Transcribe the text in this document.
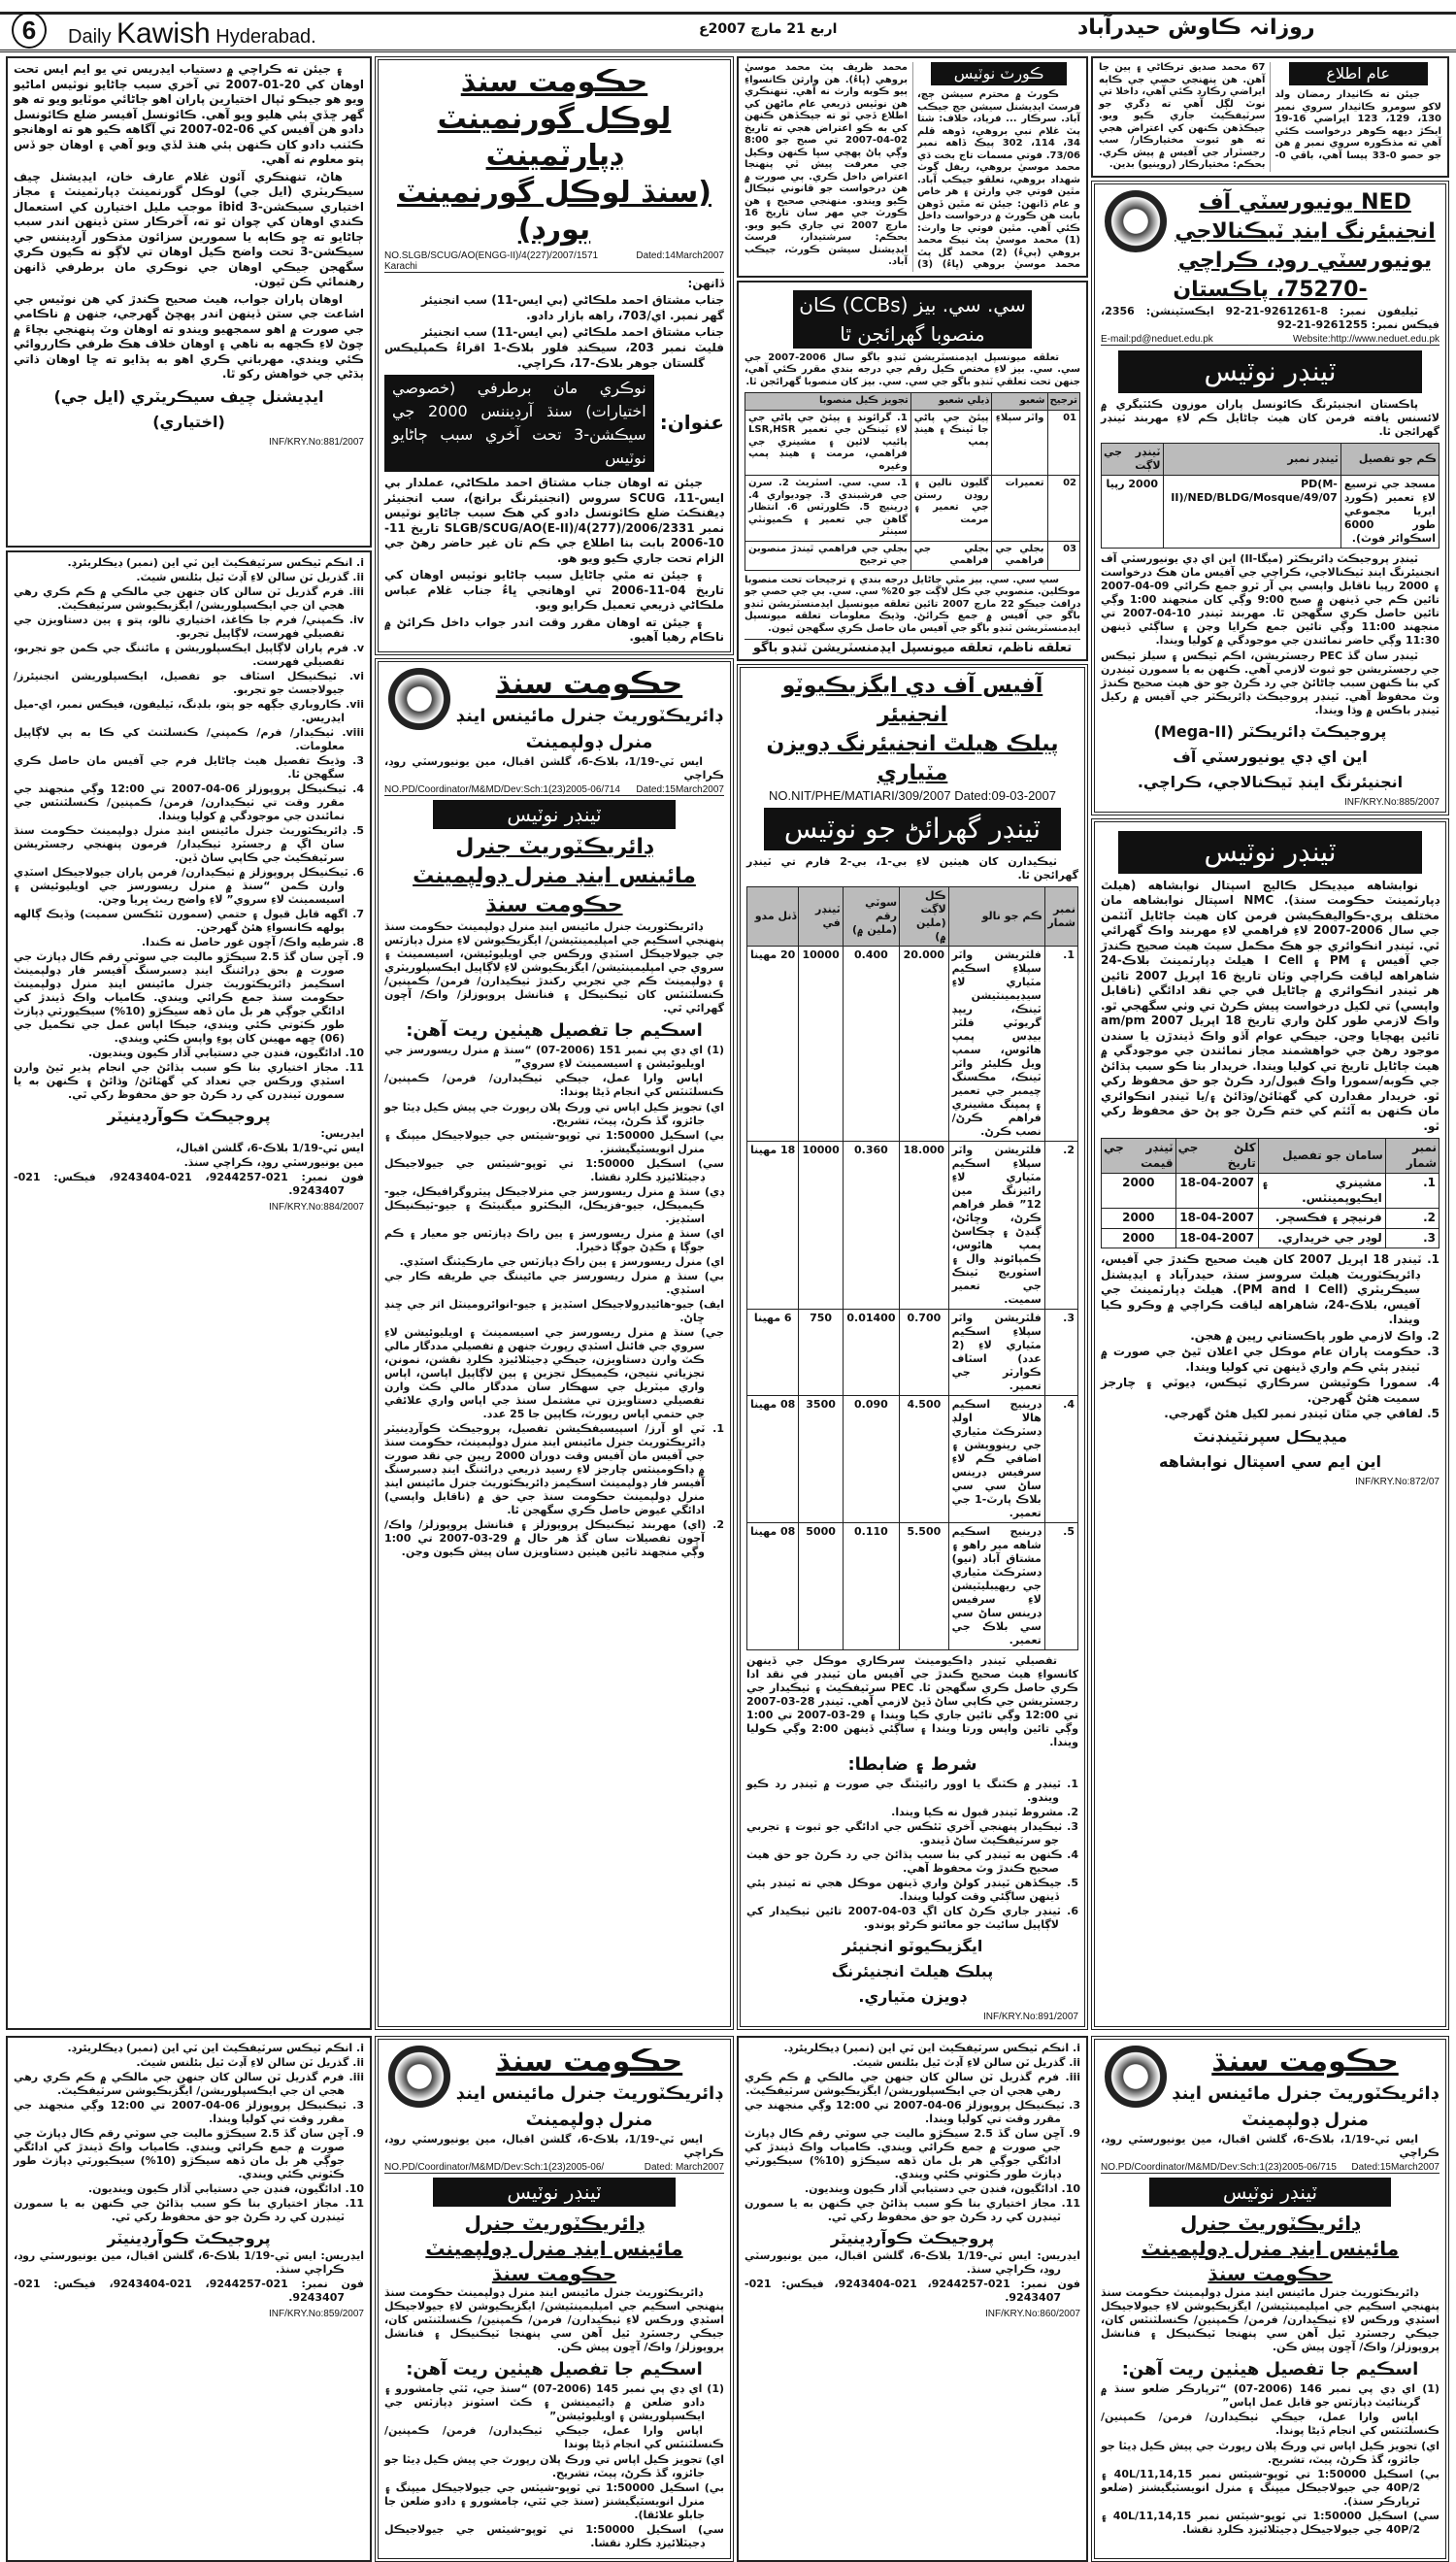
6	Daily Kawish Hyderabad.	اربع 21 مارچ 2007ع	روزانہ ڪاوش حيدرآباد
۽ جيئن ته ڪراچي ۾ دستياب ايڊريس تي يو ايم ايس تحت اوهان کي 20-01-2007 تي آخري سبب ڄاڻايو نوٽيس اماڻيو ويو هو جيڪو ٽپال اختيارين پاران اهو ڄاڻائي موٽايو ويو ته هو گهر ڇڏي ٻئي هليو ويو آهي. ڪائونسل آفيسر ضلع ڪائونسل دادو هن آفيس کي 06-02-2007 تي آگاهه ڪيو هو ته اوهانجو ڪٽنب دادو کان ڪنهن ٻئي هنڌ لڏي ويو آهي ۽ اوهان جو ڏس پتو معلوم نه آهي.
هاڻ، تنهنڪري آئون غلام عارف خان، ايڊيشنل چيف سيڪريٽري (ايل جي) لوڪل گورنمينٽ ڊپارٽمينٽ ۽ مجاز اختياري سيڪشن-3 ibid موجب مليل اختيارن کي استعمال ڪندي اوهان کي چوان ٿو ته، آخرڪار ستن ڏينهن اندر سبب ڄاڻايو ته ڇو ڪاٻه يا سمورين سزائون مذڪور آرڊيننس جي سيڪشن-3 تحت واضح ڪيل اوهان تي لاڳو نه ڪيون ڪري سگهجن جيڪي اوهان جي نوڪري مان برطرفي ڏانهن رهنمائي ڪن ٿيون.
اوهان پاران جواب، هيٺ صحيح ڪندڙ کي هن نوٽيس جي اشاعت جي ستن ڏينهن اندر پهچڻ گهرجي، جنهن ۾ ناڪامي جي صورت ۾ اهو سمجهيو ويندو ته اوهان وٽ پنهنجي بچاءَ ۾ چوڻ لاءِ ڪجهه به ناهي ۽ اوهان خلاف هڪ طرفي ڪارروائي ڪئي ويندي. مهرباني ڪري اهو به ٻڌايو ته ڇا اوهان ذاتي ٻڌڻي جي خواهش رکو ٿا.
ايڊيشنل چيف سيڪريٽري (ايل جي)
(اختياري)
INF/KRY.No:881/2007
i. انڪم ٽيڪس سرٽيفڪيٽ اين ٽي اين (نمبر) ڊيڪلريئرڊ.
ii. گذريل ٽن سالن لاءِ آڊٽ ٿيل بئلنس شيٽ.
iii. فرم گذريل ٽن سالن کان جنهن جي مالڪي ۾ ڪم ڪري رهي هجي ان جي ايڪسپلوريشن/ ايگزيڪيوشن سرٽيفڪيٽ.
iv. ڪمپني/ فرم جا ڪاغذ، اختياري نالو، پتو ۽ ٻين دستاويزن جي تفصيلي فهرست، لاڳاپيل تجربو.
v. فرم پاران لاڳاپيل ايڪسپلوريشن ۽ مائننگ جي ڪمن جو تجربو، تفصيلي فهرست.
vi. ٽيڪنيڪل اسٽاف جو تفصيل، ايڪسپلوريشن انجنيئرز/ جيولاجسٽ جو تجربو.
vii. ڪاروباري جڳهه جو پتو، بلڊنگ، ٽيليفون، فيڪس نمبر، اي-ميل ايڊريس.
viii. ٺيڪيدار/ فرم/ ڪمپني/ ڪنسلٽنٽ کي ڪا به ٻي لاڳاپيل معلومات.
3. وڌيڪ تفصيل هيٺ ڄاڻايل فرم جي آفيس مان حاصل ڪري سگهجن ٿا.
4. ٽيڪنيڪل پروپوزلز 06-04-2007 تي 12:00 وڳي منجهند جي مقرر وقت تي ٺيڪيدارن/ فرمن/ ڪمپنين/ ڪنسلٽنٽس جي نمائندن جي موجودگي ۾ کوليا ويندا.
5. ڊائريڪٽوريٽ جنرل مائينس اينڊ منرل ڊولپمينٽ حڪومت سنڌ سان اڳ ۾ رجسٽرڊ ٺيڪيدار/ فرمون پنهنجي رجسٽريشن سرٽيفڪيٽ جي ڪاپي ساڻ ڏين.
6. ٽيڪنيڪل پروپوزلز ۾ ٺيڪيدارن/ فرمن پاران جيولاجيڪل اسٽڊي وارن ڪمن “سنڌ ۾ منرل ريسورسز جي اويليوئيشن ۽ اسيسمينٽ لاءِ سروي” لاءِ واضح ريٽ ڀريا وڃن.
7. اگهه قابل قبول ۽ حتمي (سمورن ٽئڪسن سميت) وڏيڪ ڳالهه ٻولهه ڪانسواءِ هئڻ گهرجن.
8. شرطيه واڪ/ آڇون غور حاصل نه ڪندا.
9. آڇن سان گڏ 2.5 سيڪڙو ماليت جي سوٽي رقم ڪال ڊپازٽ جي صورت ۾ بحق ڊرائننگ اينڊ ڊسبرسنگ آفيسر فار ڊولپمينٽ اسڪيمز ڊائريڪٽوريٽ جنرل مائينس اينڊ منرل ڊولپمينٽ حڪومت سنڌ جمع ڪرائي ويندي. ڪامياب واڪ ڏيندڙ کي ادائگي جوڳي هر بل مان ڏهه سيڪڙو (10%) سيڪيورٽي ڊپازٽ طور ڪٽوتي ڪئي ويندي، جيڪا اپاس عمل جي تڪميل جي (06) ڇهه مهينن کان پوءِ واپس ڪئي ويندي.
10. ادائگيون، فنڊن جي دستيابي آڌار ڪيون وينديون.
11. مجاز اختياري بنا ڪو سبب ٻڌائڻ جي انجام پذير ٿيڻ وارن اسٽڊي ورڪس جي تعداد کي گهٽائڻ/ وڌائڻ ۽ ڪنهن به يا سمورن ٽينڊرن کي رد ڪرڻ جو حق محفوظ رکي ٿي.
پروجيڪٽ ڪوآرڊينيٽر
ايڊريس:
ايس ٽي-1/19 بلاڪ-6، گلشن اقبال،
مين يونيورسٽي روڊ، ڪراچي سنڌ.
فون نمبر: 021-9244257، 021-9243404، فيڪس: 021-9243407.
INF/KRY.No:884/2007
حڪومت سنڌ
لوڪل گورنمينٽ ڊپارٽمينٽ
(سنڌ لوڪل گورنمينٽ بورڊ)
NO.SLGB/SCUG/AO(ENGG-II)/4(227)/2007/1571 Karachi
Dated:14March2007
ڏانهن:
جناب مشتاق احمد ملڪاڻي (بي ايس-11) سب انجنيئر
گهر نمبر. اي/703، راهه بازار دادو.
جناب مشتاق احمد ملڪاڻي (بي ايس-11) سب انجنيئر
فليٽ نمبر 203، سيڪنڊ فلور بلاڪ-1 اقراءُ ڪمپليڪس گلستان جوهر بلاڪ-17، ڪراچي.
عنوان:
نوڪري مان برطرفي (خصوصي اختيارات) سنڌ آرڊيننس 2000 جي سيڪشن-3 تحت آخري سبب ڄاڻايو نوٽيس
جيئن ته اوهان جناب مشتاق احمد ملڪاڻي، عملدار بي ايس-11، SCUG سروس (انجنيئرنگ برانچ)، سب انجنيئر ڊيفنڪٽ ضلع ڪائونسل دادو کي هڪ سبب ڄاڻايو نوٽيس نمبر SLGB/SCUG/AO(E-II)/4(277)/2006/2331 تاريخ 11-10-2006 بابت بنا اطلاع جي ڪم تان غير حاضر رهڻ جي الزام تحت جاري ڪيو ويو هو.
۽ جيئن ته مٿي ڄاڻايل سبب ڄاڻايو نوٽيس اوهان کي تاريخ 04-11-2006 تي اوهانجي ڀاءُ جناب غلام عباس ملڪاڻي ذريعي تعميل ڪرايو ويو.
۽ جيئن ته اوهان مقرر وقت اندر جواب داخل ڪرائڻ ۾ ناڪام رهيا آهيو.
حڪومت سنڌ
ڊائريڪٽوريٽ جنرل مائينس اينڊ منرل ڊولپمينٽ
ايس ٽي-1/19، بلاڪ-6، گلشن اقبال، مين يونيورسٽي روڊ، ڪراچي
NO.PD/Coordinator/M&MD/Dev:Sch:1(23)2005-06/714 Dated:15March2007
ٽينڊر نوٽيس
ڊائريڪٽوريٽ جنرل
مائينس اينڊ منرل ڊولپمينٽ
حڪومت سنڌ
ڊائريڪٽوريٽ جنرل مائينس اينڊ منرل ڊولپمينٽ حڪومت سنڌ پنهنجي اسڪيم جي امپليمينٽيشن/ ايگزيڪيوشن لاءِ منرل ڊپازٽس جي جيولاجيڪل اسٽڊي ورڪس جي اويليوئيشن، اسيسمينٽ ۽ سروي جي امپليمينٽيشن/ ايگزيڪيوشن لاءِ لاڳاپيل ايڪسپلوريٽري ۽ ڊولپمينٽ ڪم جي تجربي رکندڙ ٺيڪيدارن/ فرمن/ ڪمپنين/ ڪنسلٽنٽس کان ٽيڪنيڪل ۽ فنانشل پروپوزلز/ واڪ/ آڇون گهرائي ٿي.
اسڪيم جا تفصيل هيٺين ريت آهن:
(1) اي ڊي پي نمبر 151 (2006-07) “سنڌ ۾ منرل ريسورسز جي اويليوئيشن ۽ اسيسمينٽ لاءِ سروي”
اپاس وارا عمل، جيڪي ٺيڪيدارن/ فرمن/ ڪمپنين/ ڪنسلٽنٽس کي انجام ڏيڻا پوندا:
اي) تجويز ڪيل اپاس تي ورڪ پلان رپورٽ جي پيش ڪيل ڊيٽا جو جائزو، گڏ ڪرڻ، پيٽ، تشريح.
بي) اسڪيل 1:50000 تي ٽوپو-شيٽس جي جيولاجيڪل ميپنگ ۽ منرل انويسٽيگيشنز.
سي) اسڪيل 1:50000 تي ٽوپو-شيٽس جي جيولاجيڪل ڊجيٽلائيزڊ ڪلرڊ نقشا.
ڊي) سنڌ ۾ منرل ريسورسز جي منرلاجيڪل پيٽروگرافيڪل، جيو-ڪيميڪل، جيو-فزيڪل، اليڪٽرو ميگنيٽڪ ۽ جيو-ٽيڪنيڪل اسٽڊيز.
اي) سنڌ ۾ منرل ريسورسز ۽ ٻين راڪ ڊپازٽس جو معيار ۽ ڪم جوڳا ۽ ڪڍڻ جوڳا ذخيرا.
اي) منرل ريسورسز ۽ ٻين راڪ ڊپازٽس جي مارڪيٽنگ اسٽڊي.
بي) سنڌ ۾ منرل ريسورسز جي مائيننگ جي طريقه ڪار جي اسٽڊي.
ايف) جيو-هائيڊرولاجيڪل اسٽڊيز ۽ جيو-انوائرومينٽل اثر جي ڇنڊ ڇاڻ.
جي) سنڌ ۾ منرل ريسورسز جي اسيسمينٽ ۽ اويليوئيشن لاءِ سروي جي فائنل اسٽڊي رپورٽ جنهن ۾ تفصيلي مددگار مالي ڪٽ وارن دستاويزن، جيڪي ڊجيٽلائيزڊ ڪلرڊ نقشن، نمونن، تجزياتي نتيجن، ڪيميڪل تجزين ۽ ٻين لاڳاپيل اپاسن، اپاس واري ميٽريل جي سهڪار سان مددگار مالي ڪٽ وارن تفصيلي دستاويزن تي مشتمل سنڌ جي اپاس واري علائقي جي حتمي اپاس رپورٽ، ڪاپين جا 25 عدد.
1. ٽي او آرز/ اسپيسيفڪيشن تفصيل، پروجيڪٽ ڪوآرڊينيٽر ڊائريڪٽوريٽ جنرل مائينس اينڊ منرل ڊولپمينٽ، حڪومت سنڌ جي آفيس مان آفيس وقت دوران 2000 رپين جي نقد صورت ۾ ڊاڪومينٽس چارجز لاءِ رسيد ذريعي ڊرائننگ اينڊ ڊسبرسنگ آفيسر فار ڊولپمينٽ اسڪيمز ڊائريڪٽوريٽ جنرل مائينس اينڊ منرل ڊولپمينٽ حڪومت سنڌ جي حق ۾ (ناقابل واپسي) ادائگي عيوض حاصل ڪري سگهجن ٿا.
2. (اي) مهربند ٽيڪنيڪل پروپوزلز ۽ فنانشل پروپوزلز/ واڪ/ آڇون تفصيلات سان گڏ هر حال ۾ 29-03-2007 تي 1:00 وڳي منجهند تائين هيٺين دستاويزن سان پيش ڪيون وڃن.
ڪورٽ نوٽيس
ڪورٽ ۾ محترم سيشن ڄڄ، فرسٽ ايڊيشنل سيشن جج جيڪب آباد. سرڪار ... فرياد، خلاف: شتا پٽ غلام نبي بروهي، ڏوهه قلم 34، 114، 302 پيڪ ڏاهه نمبر 73/06. فوتي مسمات تاج بخت ڌي محمد موسيٰ بروهي، ريفل ڳوٺ شهداد بروهي، تعلقو جيڪب آباد. مٿين فوتي جي وارثن ۽ هر خاص و عام ڏانهن: جيئن ته مٿين ڏوهن بابت هن ڪورٽ ۾ درخواست داخل ڪئي آهي. مٿين فوتي جا وارث: (1) محمد موسيٰ پٽ نيڪ محمد بروهي (پيءُ) (2) محمد گل پٽ محمد موسيٰ بروهي (ڀاءُ) (3) محمد ظريف پٽ محمد موسيٰ بروهي (ڀاءُ). هن وارثن ڪانسواءِ ٻيو ڪوبه وارث نه آهي. تنهنڪري هن نوٽيس ذريعي عام ماڻهن کي اطلاع ڏجي ٿو ته جيڪڏهن ڪنهن کي به ڪو اعتراض هجي ته تاريخ 02-04-2007 تي صبح جو 8:00 وڳي پاڻ پهچي سڀا ڪنهن وڪيل جي معرفت پيش ٿي پنهنجا اعتراض داخل ڪري. ٻي صورت ۾ هن درخواست جو قانوني نيڪال ڪيو ويندو. منهنجي صحيح ۽ هن ڪورٽ جي مهر سان تاريخ 16 مارچ 2007 تي جاري ڪيو ويو. بحڪم: سرشتيدار، فرسٽ ايڊيشنل سيشن ڪورٽ، جيڪب آباد.
سي. سي. بيز (CCBs) ڪان منصوبا گهرائجن ٿا
تعلقه ميونسپل ايڊمنسٽريشن ٽنڊو باگو سال 2006-2007 جي سي. سي. بيز لاءِ مختص ڪيل رقم جي درجه بندي مقرر ڪئي آهي، جنهن تحت تعلقي ٽنڊو باگو جي سي. سي. بيز کان منصوبا گهرائجن ٿا.
ترجيح	شعبو	ذيلي شعبو	تجويز ڪيل منصوبا
01	واٽر سپلاءِ	پيئڻ جي پاڻي جا ٽينڪ ۽ هينڊ پمپ	1. گرائونڊ ۽ پيئڻ جي پاڻي جي لاءِ ٽينڪن جي تعمير LSR,HSR پائيپ لائين ۽ مشينري جي فراهمي، مرمت ۽ هينڊ پمپ وغيره
02	تعميرات	گليون نالين ۽ روڊن رستن جي تعمير ۽ مرمت	1. سي. سي. اسٽريٽ 2. سرن جي فرشبندي 3. چوديواري 4. ڊرينيج 5. ڪلورٽس 6. انتظار گاهن جي تعمير ۽ ڪميونٽي سينٽر
03	بجلي جي فراهمي	بجلي جي فراهمي	بجلي جي فراهمي ٿيندڙ منصوبن جي ترجيح
سڀ سي. سي. بيز مٿي ڄاڻايل درجه بندي ۽ ترجيحات تحت منصوبا موڪلين. منصوبي جي ڪل لاڳت جو 20% سي. سي. بي جي حصي جو ڊرافٽ جيڪو 22 مارچ 2007 تائين تعلقه ميونسپل ايڊمنسٽريشن ٽنڊو باگو جي آفيس ۾ جمع ڪرائڻ. وڌيڪ معلومات تعلقه ميونسپل ايڊمنسٽريشن ٽنڊو باگو جي آفيس مان حاصل ڪري سگهجن ٿيون.
تعلقه ناظم، تعلقه ميونسپل ايڊمنسٽريشن ٽنڊو باگو
آفيس آف دي ايگزيڪيوٽو انجنيئر
پبلڪ هيلٿ انجنيئرنگ ڊويزن مٽياري
NO.NIT/PHE/MATIARI/309/2007 Dated:09-03-2007
ٽينڊر گهرائڻ جو نوٽيس
ٺيڪيدارن کان هيٺين لاءِ بي-1، بي-2 فارم تي ٽينڊر گهرائجن ٿا.
نمبر شمار	ڪم جو نالو	ڪل لاڳت (ملين ۾)	سوٽي رقم (ملين ۾)	ٽينڊر في	ڏنل مدو
1.	فلٽريشن واٽر سپلاءِ اسڪيم مٽياري لاءِ سيڊيمينٽيشن ٽينڪ، ريپڊ گريوٽي فلٽر بيڊس پمپ هائوس، سمپ ويل ڪليئر واٽر ٽينڪ، مڪسنگ چيمبر جي تعمير ۽ پمپنگ مشينري فراهم ڪرڻ/ نصب ڪرڻ.	20.000	0.400	10000	20 مهينا
2.	فلٽريشن واٽر سپلاءِ اسڪيم مٽياري لاءِ رائيزنگ مين 12” قطر فراهم ڪرڻ، وڇائڻ، ڳنڍڻ ۽ چڪاسڻ پمپ هائوس، ڪمپائونڊ وال ۽ اسٽوريج ٽينڪ جي تعمير سميت.	18.000	0.360	10000	18 مهينا
3.	فلٽريشن واٽر سپلاءِ اسڪيم مٽياري لاءِ (2 عدد) اسٽاف ڪوارٽر جي تعمير.	0.700	0.01400	750	6 مهينا
4.	ڊرينيج اسڪيم هالا اولڊ ڊسٽرڪٽ مٽياري جي رينوويشن ۽ اضافي ڪم لاءِ سرفيس ڊرينس ساڻ سي سي بلاڪ پارٽ-1 جي تعمير.	4.500	0.090	3500	08 مهينا
5.	ڊرينيج اسڪيم شاهه مير راهو ۽ مشتاق آباد (نيو) ڊسٽرڪٽ مٽياري جي ريهيبليٽيشن لاءِ سرفيس ڊرينس ساڻ سي سي بلاڪ جي تعمير.	5.500	0.110	5000	08 مهينا
تفصيلي ٽينڊر ڊاڪيومينٽ سرڪاري موڪل جي ڏينهن کانسواءِ هيٺ صحيح ڪندڙ جي آفيس مان ٽينڊر في نقد ادا ڪري حاصل ڪري سگهجن ٿا. PEC سرٽيفڪيٽ ۽ ٺيڪيدار جي رجسٽريشن جي ڪاپي ساڻ ڏيڻ لازمي آهي. ٽينڊر 28-03-2007 تي 12:00 وڳي تائين جاري ڪيا ويندا ۽ 29-03-2007 تي 1:00 وڳي تائين واپس ورتا ويندا ۽ ساڳئي ڏينهن 2:00 وڳي ڪوليا ويندا.
شرط ۽ ضابطا:
1. ٽينڊر ۾ ڪٽنگ يا اوور رائيٽنگ جي صورت ۾ ٽينڊر رد ڪيو ويندو.
2. مشروط ٽينڊر قبول نه ڪيا ويندا.
3. ٺيڪيدار پنهنجي آخري ٽئڪس جي ادائگي جو ثبوت ۽ تجربي جو سرٽيفڪيٽ ساڻ ڏيندو.
4. ڪنهن به ٽينڊر کي بنا سبب ٻڌائڻ جي رد ڪرڻ جو حق هيٺ صحيح ڪندڙ وٽ محفوظ آهي.
5. جيڪڏهن ٽينڊر کولڻ واري ڏينهن موڪل هجي ته ٽينڊر ٻئي ڏينهن ساڳئي وقت کوليا ويندا.
6. ٽينڊر جاري ڪرڻ کان اڳ 03-04-2007 تائين ٺيڪيدار کي لاڳاپيل سائيٽ جو معائنو ڪرڻو پوندو.
ايگزيڪيوٽو انجنيئر
پبلڪ هيلٿ انجنيئرنگ
ڊويزن مٽياري.
INF/KRY.No:891/2007
عام اطلاع
جيئن ته ڪاٺيدار رمضان ولد لاکو سومرو ڪاٺيدار سروي نمبر 130، 129، 123 ايراضي 16-19 ايڪڙ ديهه ڪوهر درخواست ڪئي آهي ته مذڪوره سروي نمبر ۾ هن جو حصو 0-33 پيسا آهي، باقي 0-67 محمد صديق ترڪاڻي ۽ ٻين جا آهن. هن پنهنجي حصي جي ڪاٻه ايراضي رڪارڊ ڪئي آهي، داخلا تي نوٽ لڳل آهي ته ڊگري جو سرٽيفڪيٽ جاري ڪيو ويو. جيڪڏهن ڪنهن کي اعتراض هجي ته هو ثبوت مختيارڪار/ سب رجسٽرار جي آفيس ۾ پيش ڪري. بحڪم: مختيارڪار (روينيو) بدين.
NED يونيورسٽي آف انجنيئرنگ اينڊ ٽيڪنالاجي
يونيورسٽي روڊ، ڪراچي -75270، پاڪستان
ٽيليفون نمبر: 8-9261261-21-92 ايڪسٽينشن: 2356، فيڪس نمبر: 9261255-21-92
E-mail:pd@neduet.edu.pk	Website:http://www.neduet.edu.pk
ٽينڊر نوٽيس
پاڪستان انجنيئرنگ ڪائونسل پاران موزون ڪئٽيگري ۾ لائسنس يافته فرمن کان هيٺ ڄاڻايل ڪم لاءِ مهربند ٽينڊر گهرائجن ٿا.
ڪم جو تفصيل	ٽينڊر نمبر	ٽينڊر جي لاڳت
مسجد جي ترسيع لاءِ تعمير (ڪورڊ ايريا مجموعي طور 6000 اسڪوائر فوٽ).	PD(M-II)/NED/BLDG/Mosque/49/07	2000 رپيا
ٽينڊر پروجيڪٽ ڊائريڪٽر (ميگا-II) اين اي ڊي يونيورسٽي آف انجنيئرنگ اينڊ ٽيڪنالاجي، ڪراچي جي آفيس مان هڪ درخواست ۽ 2000 رپيا ناقابل واپسي پي آر ٿرو جمع ڪرائي 09-04-2007 تائين ڪم جي ڏينهن ۾ صبح 9:00 وڳي کان منجهند 1:00 وڳي تائين حاصل ڪري سگهجن ٿا. مهربند ٽينڊر 10-04-2007 تي منجهند 11:00 وڳي تائين جمع ڪرايا وڃن ۽ ساڳئي ڏينهن 11:30 وڳي حاضر نمائندن جي موجودگي ۾ کوليا ويندا.
ٽينڊر سان گڏ PEC رجسٽريشن، اڪم ٽيڪس ۽ سيلز ٽيڪس جي رجسٽريشن جو ثبوت لازمي آهي. ڪنهن به يا سمورن ٽينڊرن کي بنا ڪنهن سبب ڄاڻائڻ جي رد ڪرڻ جو حق هيٺ صحيح ڪندڙ وٽ محفوظ آهي. ٽينڊر پروجيڪٽ ڊائريڪٽر جي آفيس ۾ رکيل ٽينڊر باڪس ۾ وڌا ويندا.
پروجيڪٽ ڊائريڪٽر (Mega-II)
اين اي ڊي يونيورسٽي آف
انجنيئرنگ اينڊ ٽيڪنالاجي، ڪراچي.
INF/KRY.No:885/2007
ٽينڊر نوٽيس
نوابشاهه ميڊيڪل ڪاليج اسپتال نوابشاهه (هيلٿ ڊپارٽمينٽ حڪومت سنڌ). NMC اسپتال نوابشاهه مان مختلف پري-ڪواليفڪيشن فرمن کان هيٺ ڄاڻايل آئٽمن جي سال 2006-2007 لاءِ فراهمي لاءِ مهربند واڪ گهرائي ٿي. ٽينڊر انڪوائري جو هڪ مڪمل سيٽ هيٺ صحيح ڪندڙ جي آفيس ۽ PM ۽ I Cell هيلٿ ڊپارٽمينٽ بلاڪ-24 شاهراهه لياقت ڪراچي وٽان تاريخ 16 اپريل 2007 تائين هر ٽينڊر انڪوائري ۾ ڄاڻايل في جي نقد ادائگي (ناقابل واپسي) تي لکيل درخواست پيش ڪرڻ تي وٺي سگهجي ٿو. واڪ لازمي طور کلڻ واري تاريخ 18 اپريل 2007 am/pm تائين پهچايا وڃن. جيڪي عوام آڏو واڪ ڏيندڙن يا سندن موجود رهڻ جي خواهشمند مجاز نمائندن جي موجودگي ۾ هيٺ ڄاڻايل تاريخ تي کوليا ويندا. خريدار بنا ڪو سبب ٻڌائڻ جي ڪوبه/سمورا واڪ قبول/رد ڪرڻ جو حق محفوظ رکي ٿو. خريدار مقدارن کي گهٽائڻ/وڌائڻ ۽/يا ٽينڊر انڪوائري مان ڪنهن به آئٽم کي ختم ڪرڻ جو پڻ حق محفوظ رکي ٿو.
نمبر شمار	سامان جو تفصيل	کلڻ جي تاريخ	ٽينڊر جي قيمت
1.	مشينري ۽ ايڪيوپمينٽس.	18-04-2007	2000
2.	فرنيچر ۽ فڪسچر.	18-04-2007	2000
3.	لوڊر جي خريداري.	18-04-2007	2000
1. ٽينڊر 18 اپريل 2007 کان هيٺ صحيح ڪندڙ جي آفيس، ڊائريڪٽوريٽ هيلٿ سروسز سنڌ، حيدرآباد ۽ ايڊيشنل سيڪريٽري (PM and I Cell). هيلٿ ڊپارٽمينٽ جي آفيس، بلاڪ-24، شاهراهه لياقت ڪراچي ۾ وڪرو ڪيا ويندا.
2. واڪ لازمي طور پاڪستاني رپين ۾ هجن.
3. حڪومت پاران عام موڪل جي اعلان ٿيڻ جي صورت ۾ ٽينڊر ٻئي ڪم واري ڏينهن تي کوليا ويندا.
4. سمورا ڪوٽيشن سرڪاري ٽيڪس، ڊيوٽي ۽ چارجز سميت هئڻ گهرجن.
5. لفافي جي مٿان ٽينڊر نمبر لکيل هئڻ گهرجي.
ميڊيڪل سپرنٽينڊنٽ
اين ايم سي اسپتال نوابشاهه
INF/KRY.No:872/07
i. انڪم ٽيڪس سرٽيفڪيٽ اين ٽي اين (نمبر) ڊيڪلريئرڊ.
ii. گذريل ٽن سالن لاءِ آڊٽ ٿيل بئلنس شيٽ.
iii. فرم گذريل ٽن سالن کان جنهن جي مالڪي ۾ ڪم ڪري رهي هجي ان جي ايڪسپلوريشن/ ايگزيڪيوشن سرٽيفڪيٽ.
3. ٽيڪنيڪل پروپوزلز 06-04-2007 تي 12:00 وڳي منجهند جي مقرر وقت تي کوليا ويندا.
9. آڇن سان گڏ 2.5 سيڪڙو ماليت جي سوٽي رقم ڪال ڊپازٽ جي صورت ۾ جمع ڪرائي ويندي. ڪامياب واڪ ڏيندڙ کي ادائگي جوڳي هر بل مان ڏهه سيڪڙو (10%) سيڪيورٽي ڊپازٽ طور ڪٽوتي ڪئي ويندي.
10. ادائگيون، فنڊن جي دستيابي آڌار ڪيون وينديون.
11. مجاز اختياري بنا ڪو سبب ٻڌائڻ جي ڪنهن به يا سمورن ٽينڊرن کي رد ڪرڻ جو حق محفوظ رکي ٿي.
پروجيڪٽ ڪوآرڊينيٽر
ايڊريس: ايس ٽي-1/19 بلاڪ-6، گلشن اقبال، مين يونيورسٽي روڊ، ڪراچي سنڌ.
فون نمبر: 021-9244257، 021-9243404، فيڪس: 021-9243407.
INF/KRY.No:859/2007
حڪومت سنڌ
ڊائريڪٽوريٽ جنرل مائينس اينڊ منرل ڊولپمينٽ
ايس ٽي-1/19، بلاڪ-6، گلشن اقبال، مين يونيورسٽي روڊ، ڪراچي
NO.PD/Coordinator/M&MD/Dev:Sch:1(23)2005-06/	Dated: March2007
ٽينڊر نوٽيس
ڊائريڪٽوريٽ جنرل
مائينس اينڊ منرل ڊولپمينٽ
حڪومت سنڌ
ڊائريڪٽوريٽ جنرل مائينس اينڊ منرل ڊولپمينٽ حڪومت سنڌ پنهنجي اسڪيم جي امپليمينٽيشن/ ايگزيڪيوشن لاءِ جيولاجيڪل اسٽڊي ورڪس لاءِ ٺيڪيدارن/ فرمن/ ڪمپنين/ ڪنسلٽنٽس کان، جيڪي رجسٽرڊ ٿيل آهن سي پنهنجا ٽيڪنيڪل ۽ فنانشل پروپوزلز/ واڪ/ آڇون پيش ڪن.
اسڪيم جا تفصيل هيٺين ريت آهن:
(1) اي ڊي پي نمبر 145 (2006-07) “سنڌ جي، ٿٽي ڄامشورو ۽ دادو ضلعن ۾ ڊائيمينشن ۽ ڪٽ اسٽونز ڊپازٽس جي ايڪسپلوريشن ۽ اويليوئيشن”
اپاس وارا عمل، جيڪي ٺيڪيدارن/ فرمن/ ڪمپنين/ ڪنسلٽنٽس کي انجام ڏيڻا پوندا
اي) تجويز ڪيل اپاس تي ورڪ پلان رپورٽ جي پيش ڪيل ڊيٽا جو جائزو، گڏ ڪرڻ، پيٽ، تشريح.
بي) اسڪيل 1:50000 تي ٽوپو-شيٽس جي جيولاجيڪل ميپنگ ۽ منرل انويسٽيگيشنز (سنڌ جي ٿٽي، ڄامشورو ۽ دادو ضلعن جا جابلو علائقا).
سي) اسڪيل 1:50000 تي ٽوپو-شيٽس جي جيولاجيڪل ڊجيٽلائيزڊ ڪلرڊ نقشا.
i. انڪم ٽيڪس سرٽيفڪيٽ اين ٽي اين (نمبر) ڊيڪلريئرڊ.
ii. گذريل ٽن سالن لاءِ آڊٽ ٿيل بئلنس شيٽ.
iii. فرم گذريل ٽن سالن کان جنهن جي مالڪي ۾ ڪم ڪري رهي هجي ان جي ايڪسپلوريشن/ ايگزيڪيوشن سرٽيفڪيٽ.
3. ٽيڪنيڪل پروپوزلز 06-04-2007 تي 12:00 وڳي منجهند جي مقرر وقت تي کوليا ويندا.
9. آڇن سان گڏ 2.5 سيڪڙو ماليت جي سوٽي رقم ڪال ڊپازٽ جي صورت ۾ جمع ڪرائي ويندي. ڪامياب واڪ ڏيندڙ کي ادائگي جوڳي هر بل مان ڏهه سيڪڙو (10%) سيڪيورٽي ڊپازٽ طور ڪٽوتي ڪئي ويندي.
10. ادائگيون، فنڊن جي دستيابي آڌار ڪيون وينديون.
11. مجاز اختياري بنا ڪو سبب ٻڌائڻ جي ڪنهن به يا سمورن ٽينڊرن کي رد ڪرڻ جو حق محفوظ رکي ٿي.
پروجيڪٽ ڪوآرڊينيٽر
ايڊريس: ايس ٽي-1/19 بلاڪ-6، گلشن اقبال، مين يونيورسٽي روڊ، ڪراچي سنڌ.
فون نمبر: 021-9244257، 021-9243404، فيڪس: 021-9243407.
INF/KRY.No:860/2007
حڪومت سنڌ
ڊائريڪٽوريٽ جنرل مائينس اينڊ منرل ڊولپمينٽ
ايس ٽي-1/19، بلاڪ-6، گلشن اقبال، مين يونيورسٽي روڊ، ڪراچي
NO.PD/Coordinator/M&MD/Dev:Sch:1(23)2005-06/715 Dated:15March2007
ٽينڊر نوٽيس
ڊائريڪٽوريٽ جنرل
مائينس اينڊ منرل ڊولپمينٽ
حڪومت سنڌ
ڊائريڪٽوريٽ جنرل مائينس اينڊ منرل ڊولپمينٽ حڪومت سنڌ پنهنجي اسڪيم جي امپليمينٽيشن/ ايگزيڪيوشن لاءِ جيولاجيڪل اسٽڊي ورڪس لاءِ ٺيڪيدارن/ فرمن/ ڪمپنين/ ڪنسلٽنٽس کان، جيڪي رجسٽرڊ ٿيل آهن سي پنهنجا ٽيڪنيڪل ۽ فنانشل پروپوزلز/ واڪ/ آڇون پيش ڪن.
اسڪيم جا تفصيل هيٺين ريت آهن:
(1) اي ڊي پي نمبر 146 (2006-07) “ٿرپارڪر ضلعو سنڌ ۾ گرينائيٽ ڊپازٽس جو قابل عمل اپاس”
اپاس وارا عمل، جيڪي ٺيڪيدارن/ فرمن/ ڪمپنين/ ڪنسلٽنٽس کي انجام ڏيڻا پوندا.
اي) تجويز ڪيل اپاس تي ورڪ پلان رپورٽ جي پيش ڪيل ڊيٽا جو جائزو، گڏ ڪرڻ، پيٽ، تشريح.
بي) اسڪيل 1:50000 تي ٽوپو-شيٽس نمبر 40L/11,14,15 ۽ 40P/2 جي جيولاجيڪل ميپنگ ۽ منرل انويسٽيگيشنز (ضلعو ٿرپارڪر سنڌ).
سي) اسڪيل 1:50000 تي ٽوپو-شيٽس نمبر 40L/11,14,15 ۽ 40P/2 جي جيولاجيڪل ڊجيٽلائيزڊ ڪلرڊ نقشا.
